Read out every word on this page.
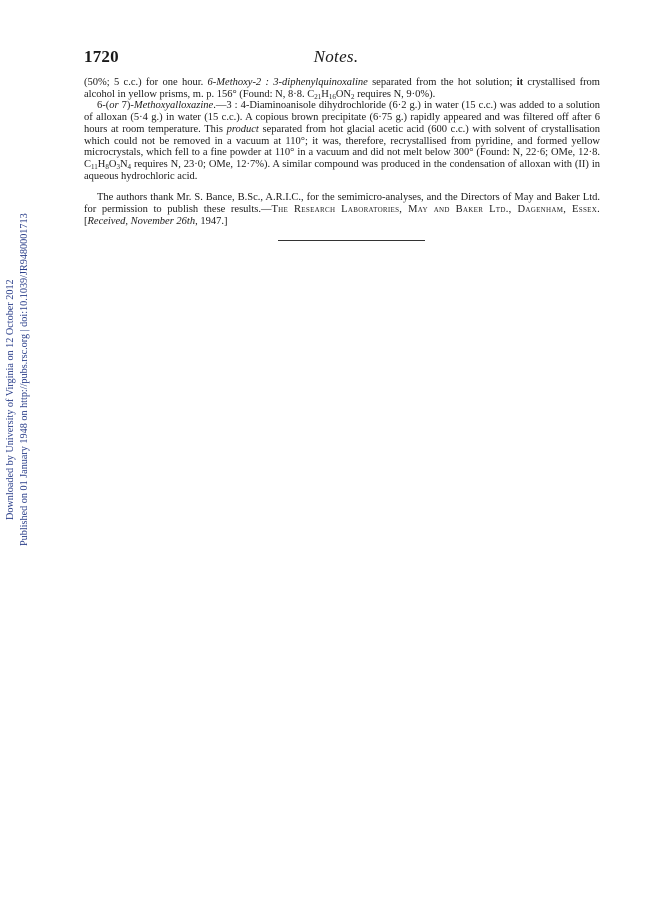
1720	Notes.

(50%; 5 c.c.) for one hour. 6-Methoxy-2 : 3-diphenylquinoxaline separated from the hot solution; it crystallised from alcohol in yellow prisms, m. p. 156° (Found: N, 8·8. $C_{21}H_{16}ON_2$ requires N, 9·0%).

6-(or 7)-Methoxyalloxazine.—3 : 4-Diaminoanisole dihydrochloride (6·2 g.) in water (15 c.c.) was added to a solution of alloxan (5·4 g.) in water (15 c.c.). A copious brown precipitate (6·75 g.) rapidly appeared and was filtered off after 6 hours at room temperature. This product separated from hot glacial acetic acid (600 c.c.) with solvent of crystallisation which could not be removed in a vacuum at 110°; it was, therefore, recrystallised from pyridine, and formed yellow microcrystals, which fell to a fine powder at 110° in a vacuum and did not melt below 300° (Found: N, 22·6; OMe, 12·8. $C_{11}H_8O_3N_4$ requires N, 23·0; OMe, 12·7%). A similar compound was produced in the condensation of alloxan with (II) in aqueous hydrochloric acid.

The authors thank Mr. S. Bance, B.Sc., A.R.I.C., for the semimicro-analyses, and the Directors of May and Baker Ltd. for permission to publish these results.—The Research Laboratories, May and Baker Ltd., Dagenham, Essex. [Received, November 26th, 1947.]

Downloaded by University of Virginia on 12 October 2012 Published on 01 January 1948 on http://pubs.rsc.org | doi:10.1039/JR9480001713
